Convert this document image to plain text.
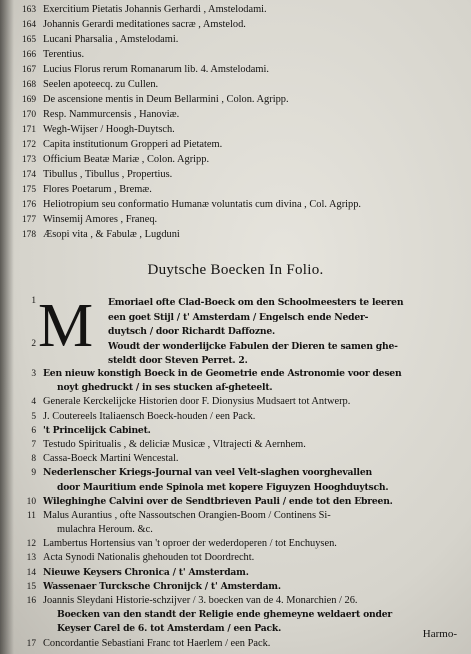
163 Exercitium Pietatis Johannis Gerhardi , Amstelodami.
164 Johannis Gerardi meditationes sacræ , Amstelod.
165 Lucani Pharsalia , Amstelodami.
166 Terentius.
167 Lucius Florus rerum Romanarum lib. 4. Amstelodami.
168 Seelen apoteecq. zu Cullen.
169 De ascensione mentis in Deum Bellarmini , Colon. Agripp.
170 Resp. Nammurcensis , Hanoviæ.
171 Wegh-Wijser / Hoogh-Duytsch.
172 Capita institutionum Gropperi ad Pietatem.
173 Officium Beatæ Mariæ , Colon. Agripp.
174 Tibullus , Tibullus , Propertius.
175 Flores Poetarum , Bremæ.
176 Heliotropium seu conformatio Humanæ voluntatis cum divina , Col. Agripp.
177 Winsemij Amores , Franeq.
178 Æsopi vita , & Fabulæ , Lugduni
Duytsche Boecken In Folio.
1
2 M Emoriael ofte Clad-Boeck om den Schoolmeesters te leeren
een goet Stijl / t' Amsterdam / Engelsch ende Neder-
duytsch / door Richardt Daffozne.
Woudt der wonderlijcke Fabulen der Dieren te samen ghe-
steldt door Steven Perret. 2.
3 Een nieuw konstigh Boeck in de Geometrie ende Astronomie voor desen
noyt ghedruckt / in ses stucken af-gheteelt.
4 Generale Kerckelijcke Historien door F. Dionysius Mudsaert tot Antwerp.
5 J. Coutereels Italiaensch Boeck-houden / een Pack.
6 't Princelijck Cabinet.
7 Testudo Spiritualis , & deliciæ Musicæ , Vltrajecti & Aernhem.
8 Cassa-Boeck Martini Wencestal.
9 Nederlenscher Kriegs-Journal van veel Velt-slaghen voorghevallen
door Mauritium ende Spinola met kopere Figuyzen Hooghduytsch.
10 Wileghinghe Calvini over de Sendtbrieven Pauli / ende tot den Ebreen.
11 Malus Aurantius , ofte Nassoutschen Orangien-Boom / Continens Si-
mulachra Heroum. &c.
12 Lambertus Hortensius van 't oproer der wederdoperen / tot Enchuysen.
13 Acta Synodi Nationalis ghehouden tot Doordrecht.
14 Nieuwe Keysers Chronica / t' Amsterdam.
15 Wassenaer Turcksche Chronijck / t' Amsterdam.
16 Joannis Sleydani Historie-schzijver / 3. boecken van de 4. Monarchien / 26.
Boecken van den standt der Religie ende ghemeyne weldaert onder
Keyser Carel de 6. tot Amsterdam / een Pack.
17 Concordantie Sebastiani Franc tot Haerlem / een Pack.
Harmo-
